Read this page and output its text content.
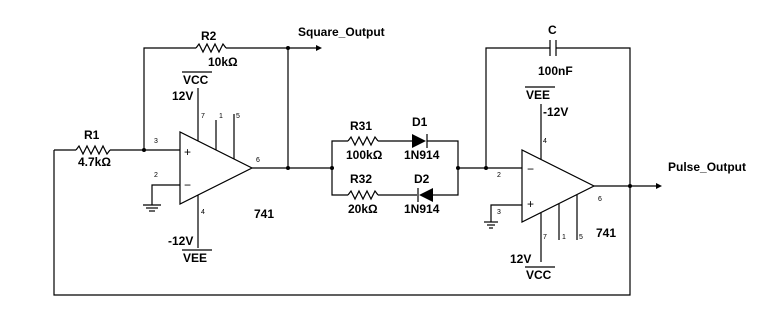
+
−
3
2
7
4
6
1 5
VCC
12V
-12V
VEE
741
R1
4.7kΩ
R2
10kΩ
Square_Output
R31
100kΩ
D1
1N914
R32
20kΩ
D2
1N914
C
100nF
−
+
2
3
4
7
6
1 5
VEE
-12V
12V
VCC
741
Pulse_Output
